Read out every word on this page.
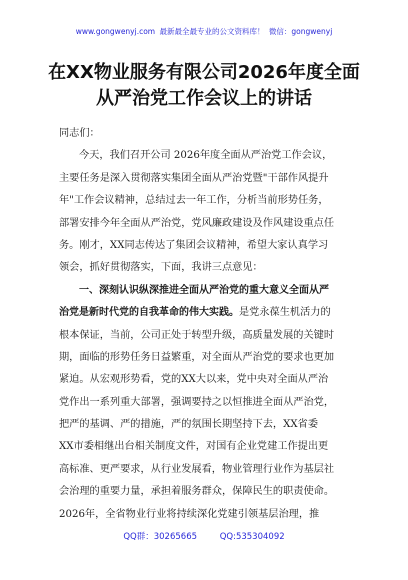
www.gongwenyj.com 最新最全最专业的公文资料库！ 微信：gongwenyj
在XX物业服务有限公司2026年度全面
从严治党工作会议上的讲话
同志们：
今天，我们召开公司 2026年度全面从严治党工作会议，
主要任务是深入贯彻落实集团全面从严治党暨"干部作风提升
年"工作会议精神，总结过去一年工作，分析当前形势任务，
部署安排今年全面从严治党，党风廉政建设及作风建设重点任
务。刚才，XX同志传达了集团会议精神，希望大家认真学习
领会，抓好贯彻落实，下面，我讲三点意见：
一、深刻认识纵深推进全面从严治党的重大意义全面从严
治党是新时代党的自我革命的伟大实践。是党永葆生机活力的
根本保证，当前，公司正处于转型升级，高质量发展的关键时
期，面临的形势任务日益繁重，对全面从严治党的要求也更加
紧迫。从宏观形势看，党的XX大以来，党中央对全面从严治
党作出一系列重大部署，强调要持之以恒推进全面从严治党，
把严的基调、严的措施，严的氛围长期坚持下去，XX省委
XX市委相继出台相关制度文件，对国有企业党建工作提出更
高标准、更严要求，从行业发展看，物业管理行业作为基层社
会治理的重要力量，承担着服务群众，保障民生的职责使命。
2026年，全省物业行业将持续深化党建引领基层治理，推
QQ群：30265665	QQ:535304092
